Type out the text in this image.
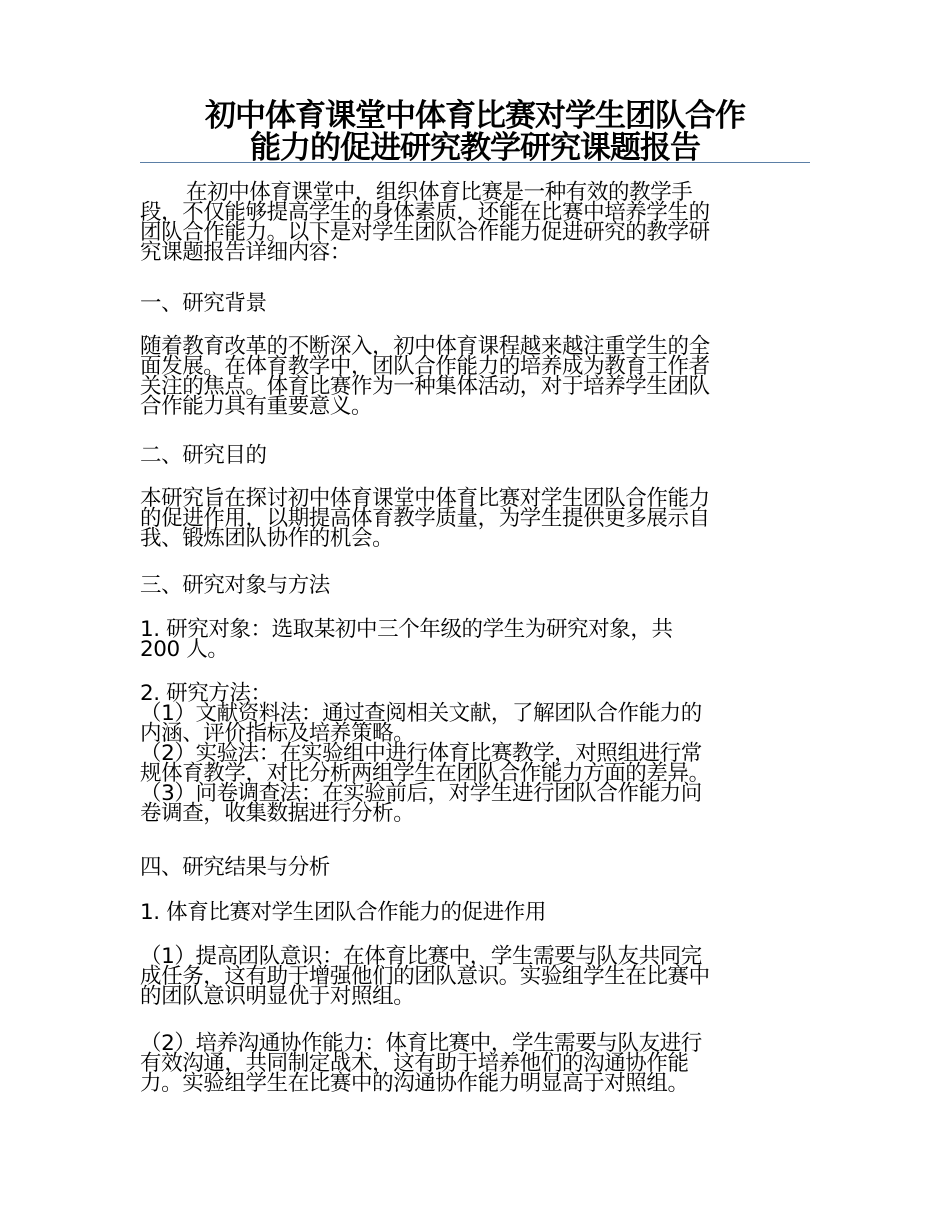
初中体育课堂中体育比赛对学生团队合作
能力的促进研究教学研究课题报告

在初中体育课堂中，组织体育比赛是一种有效的教学手
段，不仅能够提高学生的身体素质，还能在比赛中培养学生的
团队合作能力。以下是对学生团队合作能力促进研究的教学研
究课题报告详细内容：

一、研究背景

随着教育改革的不断深入，初中体育课程越来越注重学生的全
面发展。在体育教学中，团队合作能力的培养成为教育工作者
关注的焦点。体育比赛作为一种集体活动，对于培养学生团队
合作能力具有重要意义。

二、研究目的

本研究旨在探讨初中体育课堂中体育比赛对学生团队合作能力
的促进作用，以期提高体育教学质量，为学生提供更多展示自
我、锻炼团队协作的机会。

三、研究对象与方法

1. 研究对象：选取某初中三个年级的学生为研究对象，共
200 人。

2. 研究方法：
（1）文献资料法：通过查阅相关文献，了解团队合作能力的
内涵、评价指标及培养策略。
（2）实验法：在实验组中进行体育比赛教学，对照组进行常
规体育教学，对比分析两组学生在团队合作能力方面的差异。
（3）问卷调查法：在实验前后，对学生进行团队合作能力问
卷调查，收集数据进行分析。

四、研究结果与分析

1. 体育比赛对学生团队合作能力的促进作用

（1）提高团队意识：在体育比赛中，学生需要与队友共同完
成任务，这有助于增强他们的团队意识。实验组学生在比赛中
的团队意识明显优于对照组。

（2）培养沟通协作能力：体育比赛中，学生需要与队友进行
有效沟通，共同制定战术，这有助于培养他们的沟通协作能
力。实验组学生在比赛中的沟通协作能力明显高于对照组。
